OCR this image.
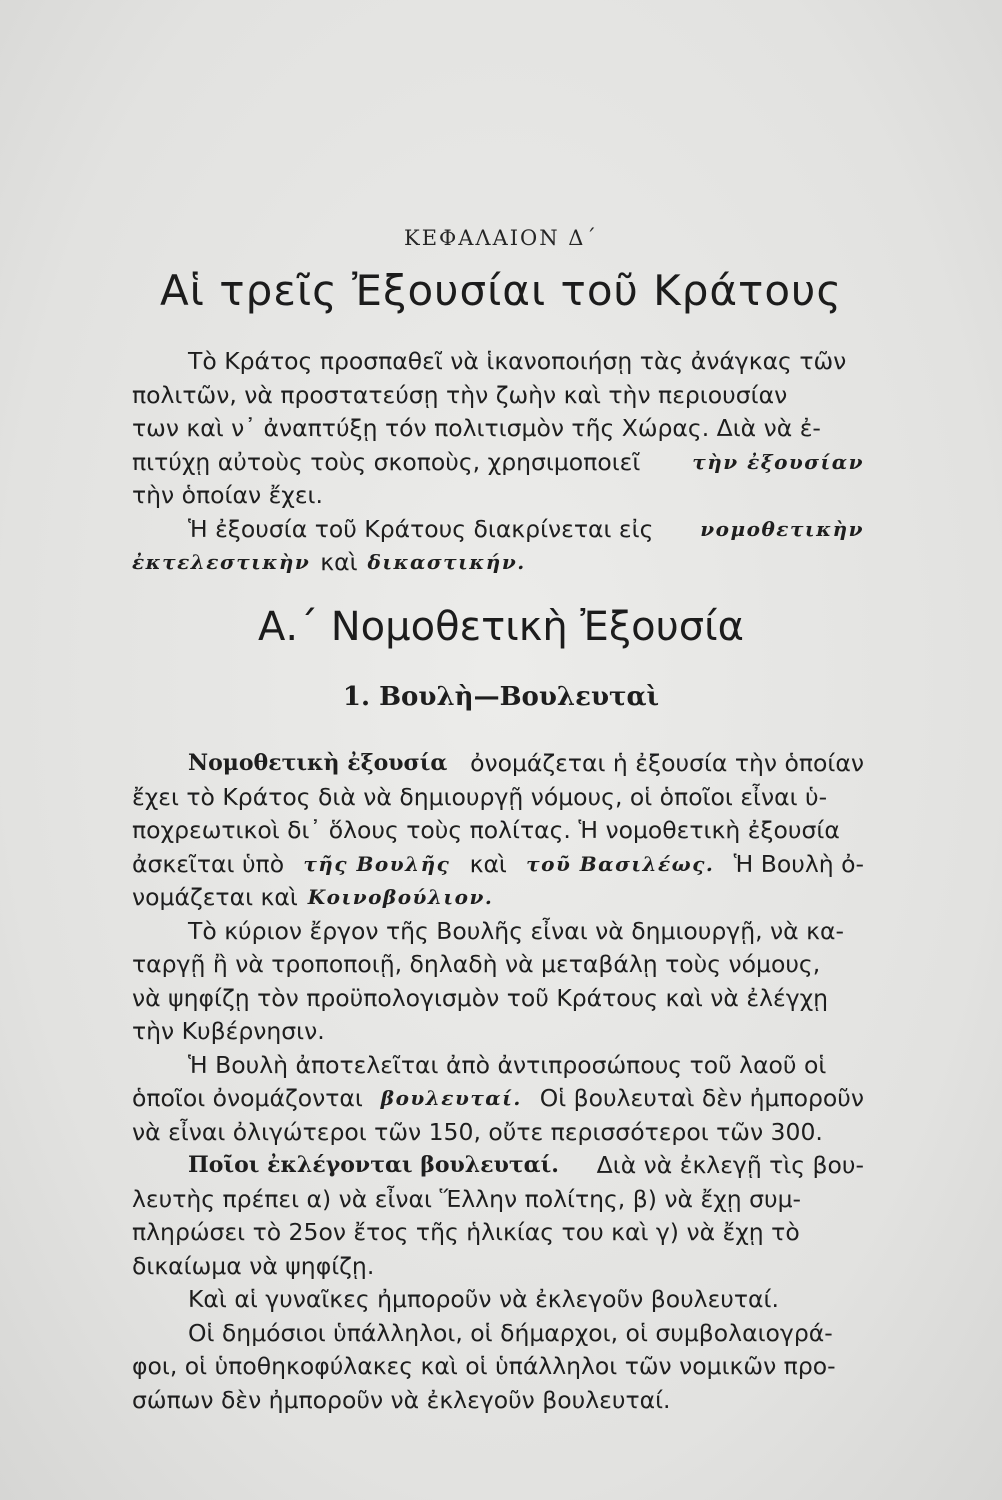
ΚΕΦΑΛΑΙΟΝ Δ΄
Αἱ τρεῖς Ἐξουσίαι τοῦ Κράτους
Τὸ Κράτος προσπαθεῖ νὰ ἱκανοποιήσῃ τὰς ἀνάγκας τῶν
πολιτῶν, νὰ προστατεύσῃ τὴν ζωὴν καὶ τὴν περιουσίαν
των καὶ ν᾽ ἀναπτύξῃ τόν πολιτισμὸν τῆς Χώρας. Διὰ νὰ ἐ-
πιτύχῃ αὐτοὺς τοὺς σκοποὺς, χρησιμοποιεῖ	τὴν ἐξουσίαν
τὴν ὁποίαν ἔχει.
Ἡ ἐξουσία τοῦ Κράτους διακρίνεται εἰς νομοθετικὴν
ἐκτελεστικὴν καὶ δικαστικήν.
Α.΄ Νομοθετικὴ Ἐξουσία
1. Βουλὴ—Βουλευταὶ
Νομοθετικὴ ἐξουσία ὀνομάζεται ἡ ἐξουσία τὴν ὁποίαν
ἔχει τὸ Κράτος διὰ νὰ δημιουργῇ νόμους, οἱ ὁποῖοι εἶναι ὑ-
ποχρεωτικοὶ δι᾽ ὅλους τοὺς πολίτας. Ἡ νομοθετικὴ ἐξουσία
ἀσκεῖται ὑπὸ τῆς Βουλῆς καὶ τοῦ Βασιλέως. Ἡ Βουλὴ ὀ-
νομάζεται καὶ Κοινοβούλιον.
Τὸ κύριον ἔργον τῆς Βουλῆς εἶναι νὰ δημιουργῇ, νὰ κα-
ταργῇ ἢ νὰ τροποποιῇ, δηλαδὴ νὰ μεταβάλῃ τοὺς νόμους,
νὰ ψηφίζῃ τὸν προϋπολογισμὸν τοῦ Κράτους καὶ νὰ ἐλέγχῃ
τὴν Κυβέρνησιν.
Ἡ Βουλὴ ἀποτελεῖται ἀπὸ ἀντιπροσώπους τοῦ λαοῦ οἱ
ὁποῖοι ὀνομάζονται βουλευταί. Οἱ βουλευταὶ δὲν ἠμποροῦν
νὰ εἶναι ὀλιγώτεροι τῶν 150, οὔτε περισσότεροι τῶν 300.
Ποῖοι ἐκλέγονται βουλευταί. Διὰ νὰ ἐκλεγῇ τὶς βου-
λευτὴς πρέπει α) νὰ εἶναι Ἕλλην πολίτης, β) νὰ ἔχῃ συμ-
πληρώσει τὸ 25ον ἔτος τῆς ἡλικίας του καὶ γ) νὰ ἔχῃ τὸ
δικαίωμα νὰ ψηφίζῃ.
Καὶ αἱ γυναῖκες ἠμποροῦν νὰ ἐκλεγοῦν βουλευταί.
Οἱ δημόσιοι ὑπάλληλοι, οἱ δήμαρχοι, οἱ συμβολαιογρά-
φοι, οἱ ὑποθηκοφύλακες καὶ οἱ ὑπάλληλοι τῶν νομικῶν προ-
σώπων δὲν ἠμποροῦν νὰ ἐκλεγοῦν βουλευταί.
